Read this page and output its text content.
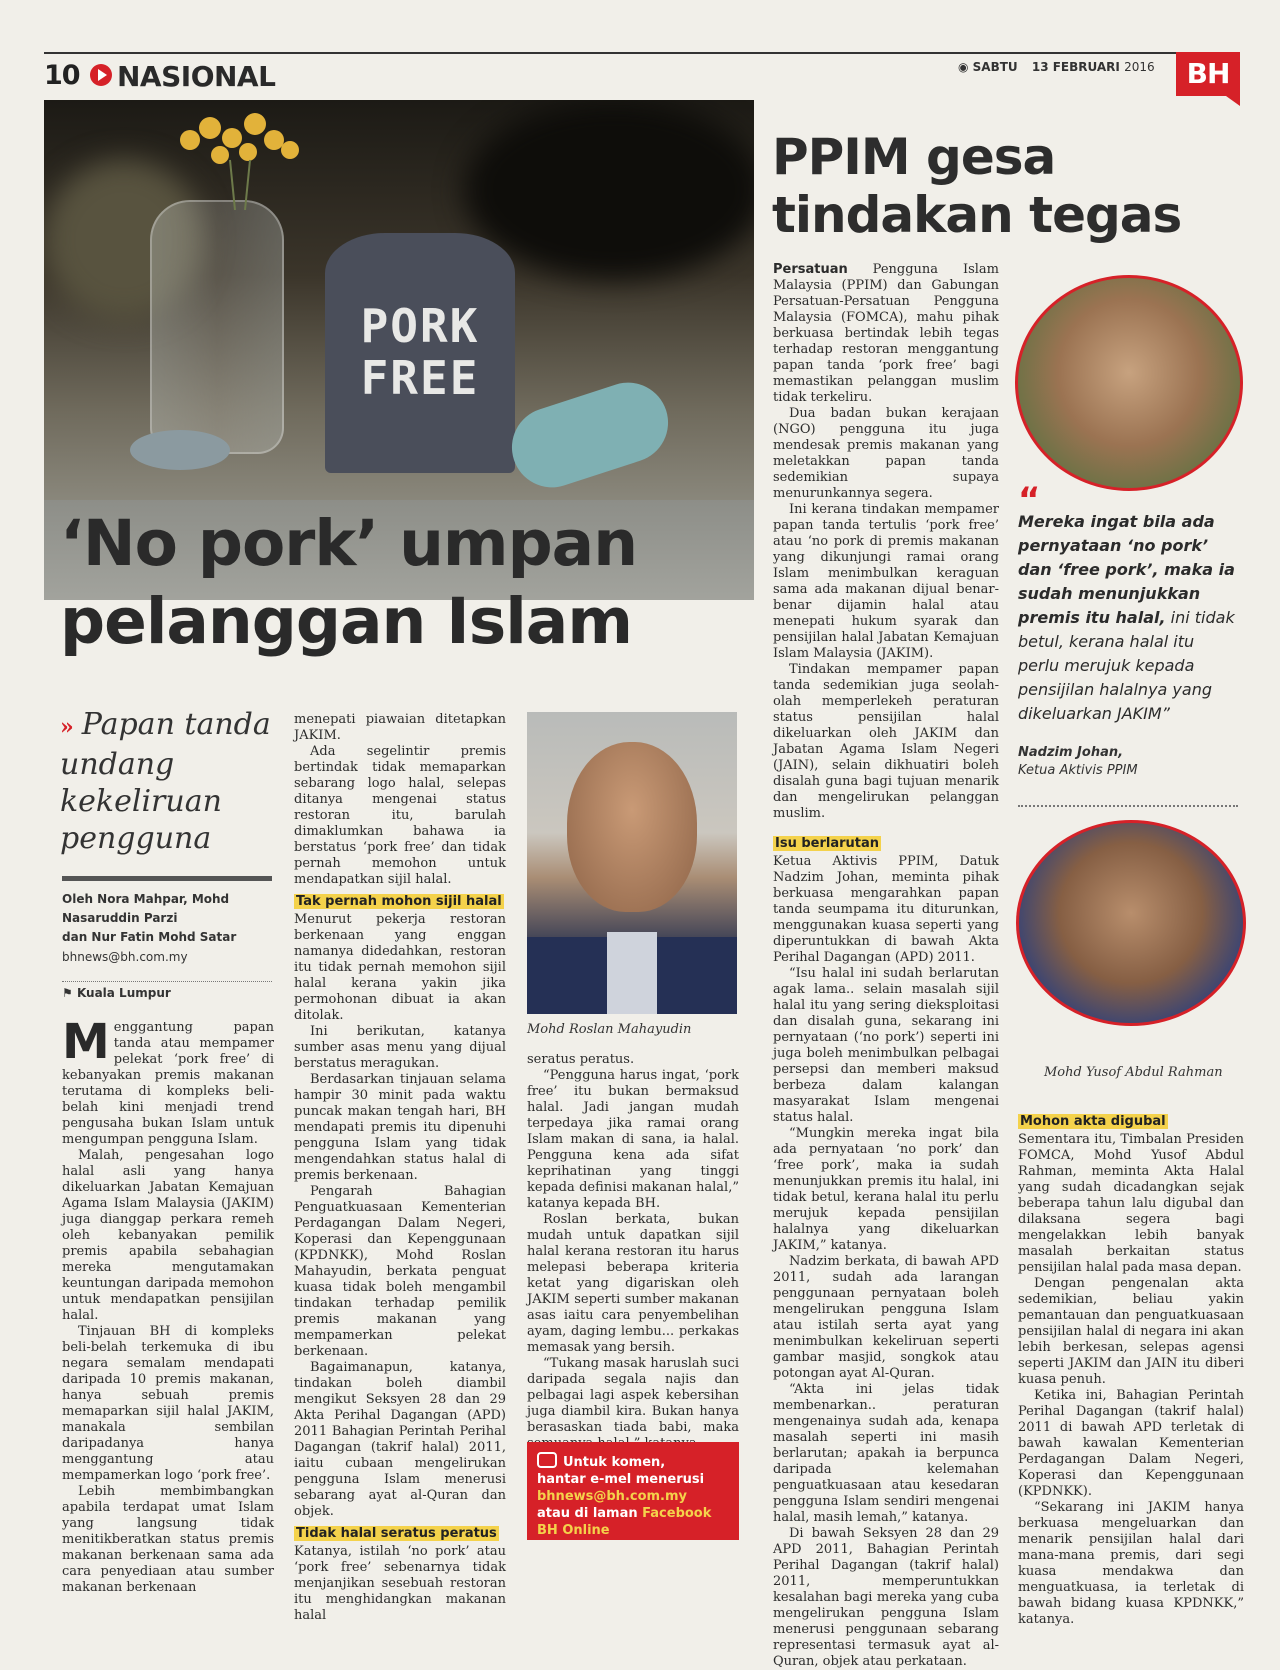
10 NASIONAL	◉ SABTU 13 FEBRUARI 2016	BH
PORK
FREE
‘No pork’ umpan
pelanggan Islam
PPIM gesa
tindakan tegas
» Papan tanda undang kekeliruan pengguna
Oleh Nora Mahpar, Mohd
Nasaruddin Parzi
dan Nur Fatin Mohd Satar
bhnews@bh.com.my
⚑ Kuala Lumpur

Menggantung papan tanda atau mempamer pelekat ‘pork free’ di kebanyakan premis makanan terutama di kompleks beli-belah kini menjadi trend pengusaha bukan Islam untuk mengumpan pengguna Islam.

Malah, pengesahan logo halal asli yang hanya dikeluarkan Jabatan Kemajuan Agama Islam Malaysia (JAKIM) juga dianggap perkara remeh oleh kebanyakan pemilik premis apabila sebahagian mereka mengutamakan keuntungan daripada memohon untuk mendapatkan pensijilan halal.

Tinjauan BH di kompleks beli-belah terkemuka di ibu negara semalam mendapati daripada 10 premis makanan, hanya sebuah premis memaparkan sijil halal JAKIM, manakala sembilan daripadanya hanya menggantung atau mempamerkan logo ‘pork free’.

Lebih membimbangkan apabila terdapat umat Islam yang langsung tidak menitikberatkan status premis makanan berkenaan sama ada cara penyediaan atau sumber makanan berkenaan

menepati piawaian ditetapkan JAKIM.

Ada segelintir premis bertindak tidak memaparkan sebarang logo halal, selepas ditanya mengenai status restoran itu, barulah dimaklumkan bahawa ia berstatus ‘pork free’ dan tidak pernah memohon untuk mendapatkan sijil halal.

Tak pernah mohon sijil halal

Menurut pekerja restoran berkenaan yang enggan namanya didedahkan, restoran itu tidak pernah memohon sijil halal kerana yakin jika permohonan dibuat ia akan ditolak.

Ini berikutan, katanya sumber asas menu yang dijual berstatus meragukan.

Berdasarkan tinjauan selama hampir 30 minit pada waktu puncak makan tengah hari, BH mendapati premis itu dipenuhi pengguna Islam yang tidak mengendahkan status halal di premis berkenaan.

Pengarah Bahagian Penguatkuasaan Kementerian Perdagangan Dalam Negeri, Koperasi dan Kepenggunaan (KPDNKK), Mohd Roslan Mahayudin, berkata penguat kuasa tidak boleh mengambil tindakan terhadap pemilik premis makanan yang mempamerkan pelekat berkenaan.

Bagaimanapun, katanya, tindakan boleh diambil mengikut Seksyen 28 dan 29 Akta Perihal Dagangan (APD) 2011 Bahagian Perintah Perihal Dagangan (takrif halal) 2011, iaitu cubaan mengelirukan pengguna Islam menerusi sebarang ayat al-Quran dan objek.

Tidak halal seratus peratus

Katanya, istilah ‘no pork’ atau ‘pork free’ sebenarnya tidak menjanjikan sesebuah restoran itu menghidangkan makanan halal

Mohd Roslan Mahayudin

seratus peratus.

“Pengguna harus ingat, ‘pork free’ itu bukan bermaksud halal. Jadi jangan mudah terpedaya jika ramai orang Islam makan di sana, ia halal. Pengguna kena ada sifat keprihatinan yang tinggi kepada definisi makanan halal,” katanya kepada BH.

Roslan berkata, bukan mudah untuk dapatkan sijil halal kerana restoran itu harus melepasi beberapa kriteria ketat yang digariskan oleh JAKIM seperti sumber makanan asas iaitu cara penyembelihan ayam, daging lembu... perkakas memasak yang bersih.

“Tukang masak haruslah suci daripada segala najis dan pelbagai lagi aspek kebersihan juga diambil kira. Bukan hanya berasaskan tiada babi, maka

Untuk komen,
hantar e-mel menerusi
bhnews@bh.com.my
atau di laman Facebook
BH Online

Persatuan Pengguna Islam Malaysia (PPIM) dan Gabungan Persatuan-Persatuan Pengguna Malaysia (FOMCA), mahu pihak berkuasa bertindak lebih tegas terhadap restoran menggantung papan tanda ‘pork free’ bagi memastikan pelanggan muslim tidak terkeliru.

Dua badan bukan kerajaan (NGO) pengguna itu juga mendesak premis makanan yang meletakkan papan tanda sedemikian supaya menurunkannya segera.

Ini kerana tindakan mempamer papan tanda tertulis ‘pork free’ atau ‘no pork di premis makanan yang dikunjungi ramai orang Islam menimbulkan keraguan sama ada makanan dijual benar-benar dijamin halal atau menepati hukum syarak dan pensijilan halal Jabatan Kemajuan Islam Malaysia (JAKIM).

Tindakan mempamer papan tanda sedemikian juga seolah-olah memperlekeh peraturan status pensijilan halal dikeluarkan oleh JAKIM dan Jabatan Agama Islam Negeri (JAIN), selain dikhuatiri boleh disalah guna bagi tujuan menarik dan mengelirukan pelanggan muslim.

Isu berlarutan

Ketua Aktivis PPIM, Datuk Nadzim Johan, meminta pihak berkuasa mengarahkan papan tanda seumpama itu diturunkan, menggunakan kuasa seperti yang diperuntukkan di bawah Akta Perihal Dagangan (APD) 2011.

“Isu halal ini sudah berlarutan agak lama.. selain masalah sijil halal itu yang sering dieksploitasi dan disalah guna, sekarang ini pernyataan (‘no pork’) seperti ini juga boleh menimbulkan pelbagai persepsi dan memberi maksud berbeza dalam kalangan masyarakat Islam mengenai status halal.

“Mungkin mereka ingat bila ada pernyataan ‘no pork’ dan ‘free pork’, maka ia sudah menunjukkan premis itu halal, ini tidak betul, kerana halal itu perlu merujuk kepada pensijilan halalnya yang dikeluarkan JAKIM,” katanya.

Nadzim berkata, di bawah APD 2011, sudah ada larangan penggunaan pernyataan boleh mengelirukan pengguna Islam atau istilah serta ayat yang menimbulkan kekeliruan seperti gambar masjid, songkok atau potongan ayat Al-Quran.

“Akta ini jelas tidak membenarkan.. peraturan mengenainya sudah ada, kenapa masalah seperti ini masih berlarutan; apakah ia berpunca daripada kelemahan penguatkuasaan atau kesedaran pengguna Islam sendiri mengenai halal, masih lemah,” katanya.

Di bawah Seksyen 28 dan 29 APD 2011, Bahagian Perintah Perihal Dagangan (takrif halal) 2011, memperuntukkan kesalahan bagi mereka yang cuba mengelirukan pengguna Islam menerusi penggunaan sebarang representasi termasuk ayat al-Quran, objek atau perkataan.

“
Mereka ingat bila ada pernyataan ‘no pork’ dan ‘free pork’, maka ia sudah menunjukkan premis itu halal, ini tidak betul, kerana halal itu perlu merujuk kepada pensijilan halalnya yang dikeluarkan JAKIM”
Nadzim Johan,
Ketua Aktivis PPIM
Mohd Yusof Abdul Rahman
Mohon akta digubal

Sementara itu, Timbalan Presiden FOMCA, Mohd Yusof Abdul Rahman, meminta Akta Halal yang sudah dicadangkan sejak beberapa tahun lalu digubal dan dilaksana segera bagi mengelakkan lebih banyak masalah berkaitan status pensijilan halal pada masa depan.

Dengan pengenalan akta sedemikian, beliau yakin pemantauan dan penguatkuasaan pensijilan halal di negara ini akan lebih berkesan, selepas agensi seperti JAKIM dan JAIN itu diberi kuasa penuh.

Ketika ini, Bahagian Perintah Perihal Dagangan (takrif halal) 2011 di bawah APD terletak di bawah kawalan Kementerian Perdagangan Dalam Negeri, Koperasi dan Kepenggunaan (KPDNKK).

“Sekarang ini JAKIM hanya berkuasa mengeluarkan dan menarik pensijilan halal dari mana-mana premis, dari segi kuasa mendakwa dan menguatkuasa, ia terletak di bawah bidang kuasa KPDNKK,” katanya.
